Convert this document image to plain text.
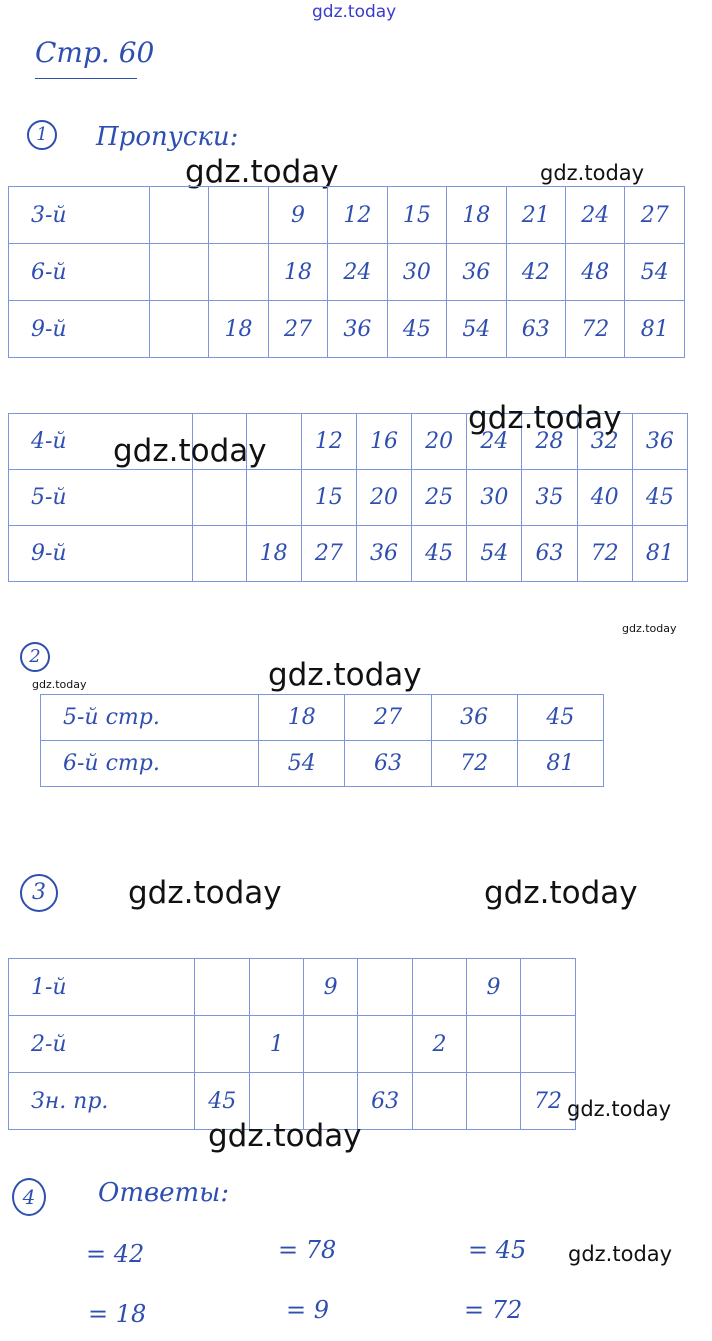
gdz.today
Стр. 60
1	Пропуски:
gdz.today	gdz.today
3-й			9	12	15	18	21	24	27
6-й			18	24	30	36	42	48	54
9-й		18	27	36	45	54	63	72	81
4-й			12	16	20	24	28	32	36
5-й			15	20	25	30	35	40	45
9-й		18	27	36	45	54	63	72	81
gdz.today
gdz.today
gdz.today
2
gdz.today
gdz.today
5-й стр.	18	27	36	45
6-й стр.	54	63	72	81
3	gdz.today	gdz.today
1-й			9			9	
2-й		1			2		
Зн. пр.	45			63			72 gdz.today
gdz.today
4	Ответы:
= 42	= 78	= 45 gdz.today
= 18	= 9	= 72
